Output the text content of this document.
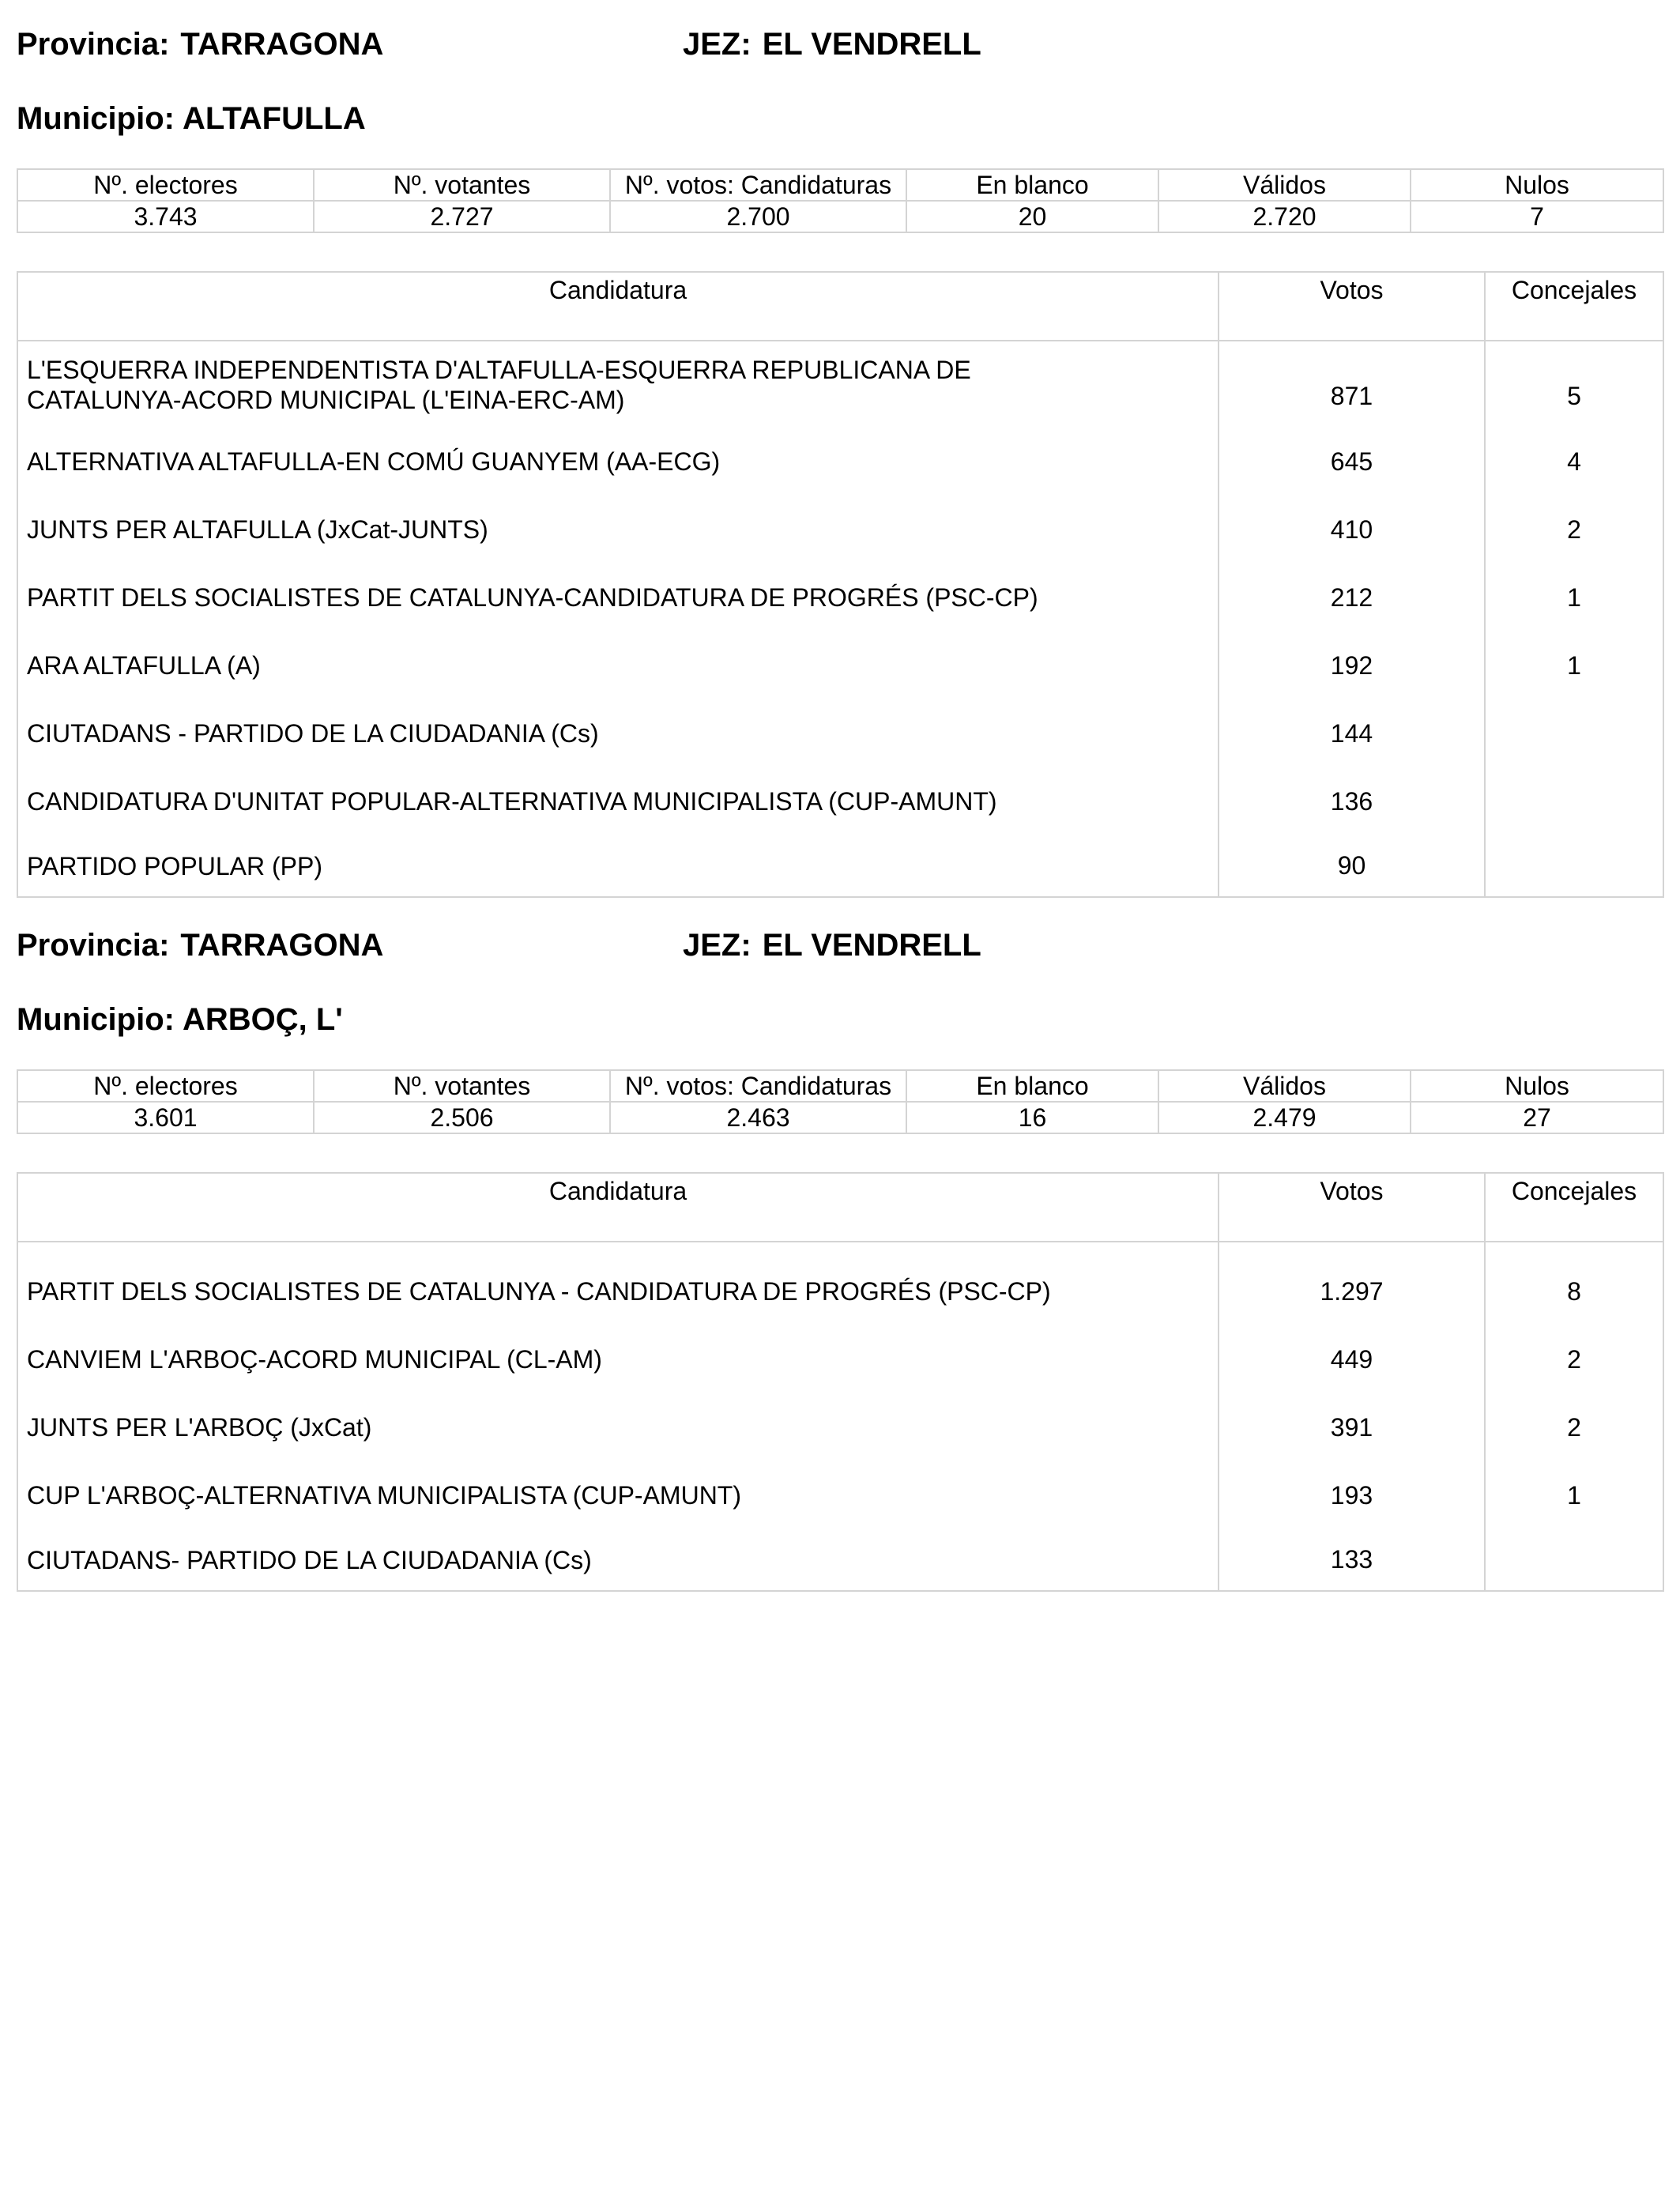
Provincia: TARRAGONA	JEZ: EL VENDRELL
Municipio: ALTAFULLA
Nº. electores	Nº. votantes	Nº. votos: Candidaturas	En blanco	Válidos	Nulos
3.743	2.727	2.700	20	2.720	7
Candidatura	Votos	Concejales
L'ESQUERRA INDEPENDENTISTA D'ALTAFULLA-ESQUERRA REPUBLICANA DE CATALUNYA-ACORD MUNICIPAL (L'EINA-ERC-AM)	871	5
ALTERNATIVA ALTAFULLA-EN COMÚ GUANYEM (AA-ECG)	645	4
JUNTS PER ALTAFULLA (JxCat-JUNTS)	410	2
PARTIT DELS SOCIALISTES DE CATALUNYA-CANDIDATURA DE PROGRÉS (PSC-CP)	212	1
ARA ALTAFULLA (A)	192	1
CIUTADANS - PARTIDO DE LA CIUDADANIA (Cs)	144	
CANDIDATURA D'UNITAT POPULAR-ALTERNATIVA MUNICIPALISTA (CUP-AMUNT)	136	
PARTIDO POPULAR (PP)	90	
Provincia: TARRAGONA	JEZ: EL VENDRELL
Municipio: ARBOÇ, L'
Nº. electores	Nº. votantes	Nº. votos: Candidaturas	En blanco	Válidos	Nulos
3.601	2.506	2.463	16	2.479	27
Candidatura	Votos	Concejales
PARTIT DELS SOCIALISTES DE CATALUNYA - CANDIDATURA DE PROGRÉS (PSC-CP)	1.297	8
CANVIEM L'ARBOÇ-ACORD MUNICIPAL (CL-AM)	449	2
JUNTS PER L'ARBOÇ (JxCat)	391	2
CUP L'ARBOÇ-ALTERNATIVA MUNICIPALISTA (CUP-AMUNT)	193	1
CIUTADANS- PARTIDO DE LA CIUDADANIA (Cs)	133	
